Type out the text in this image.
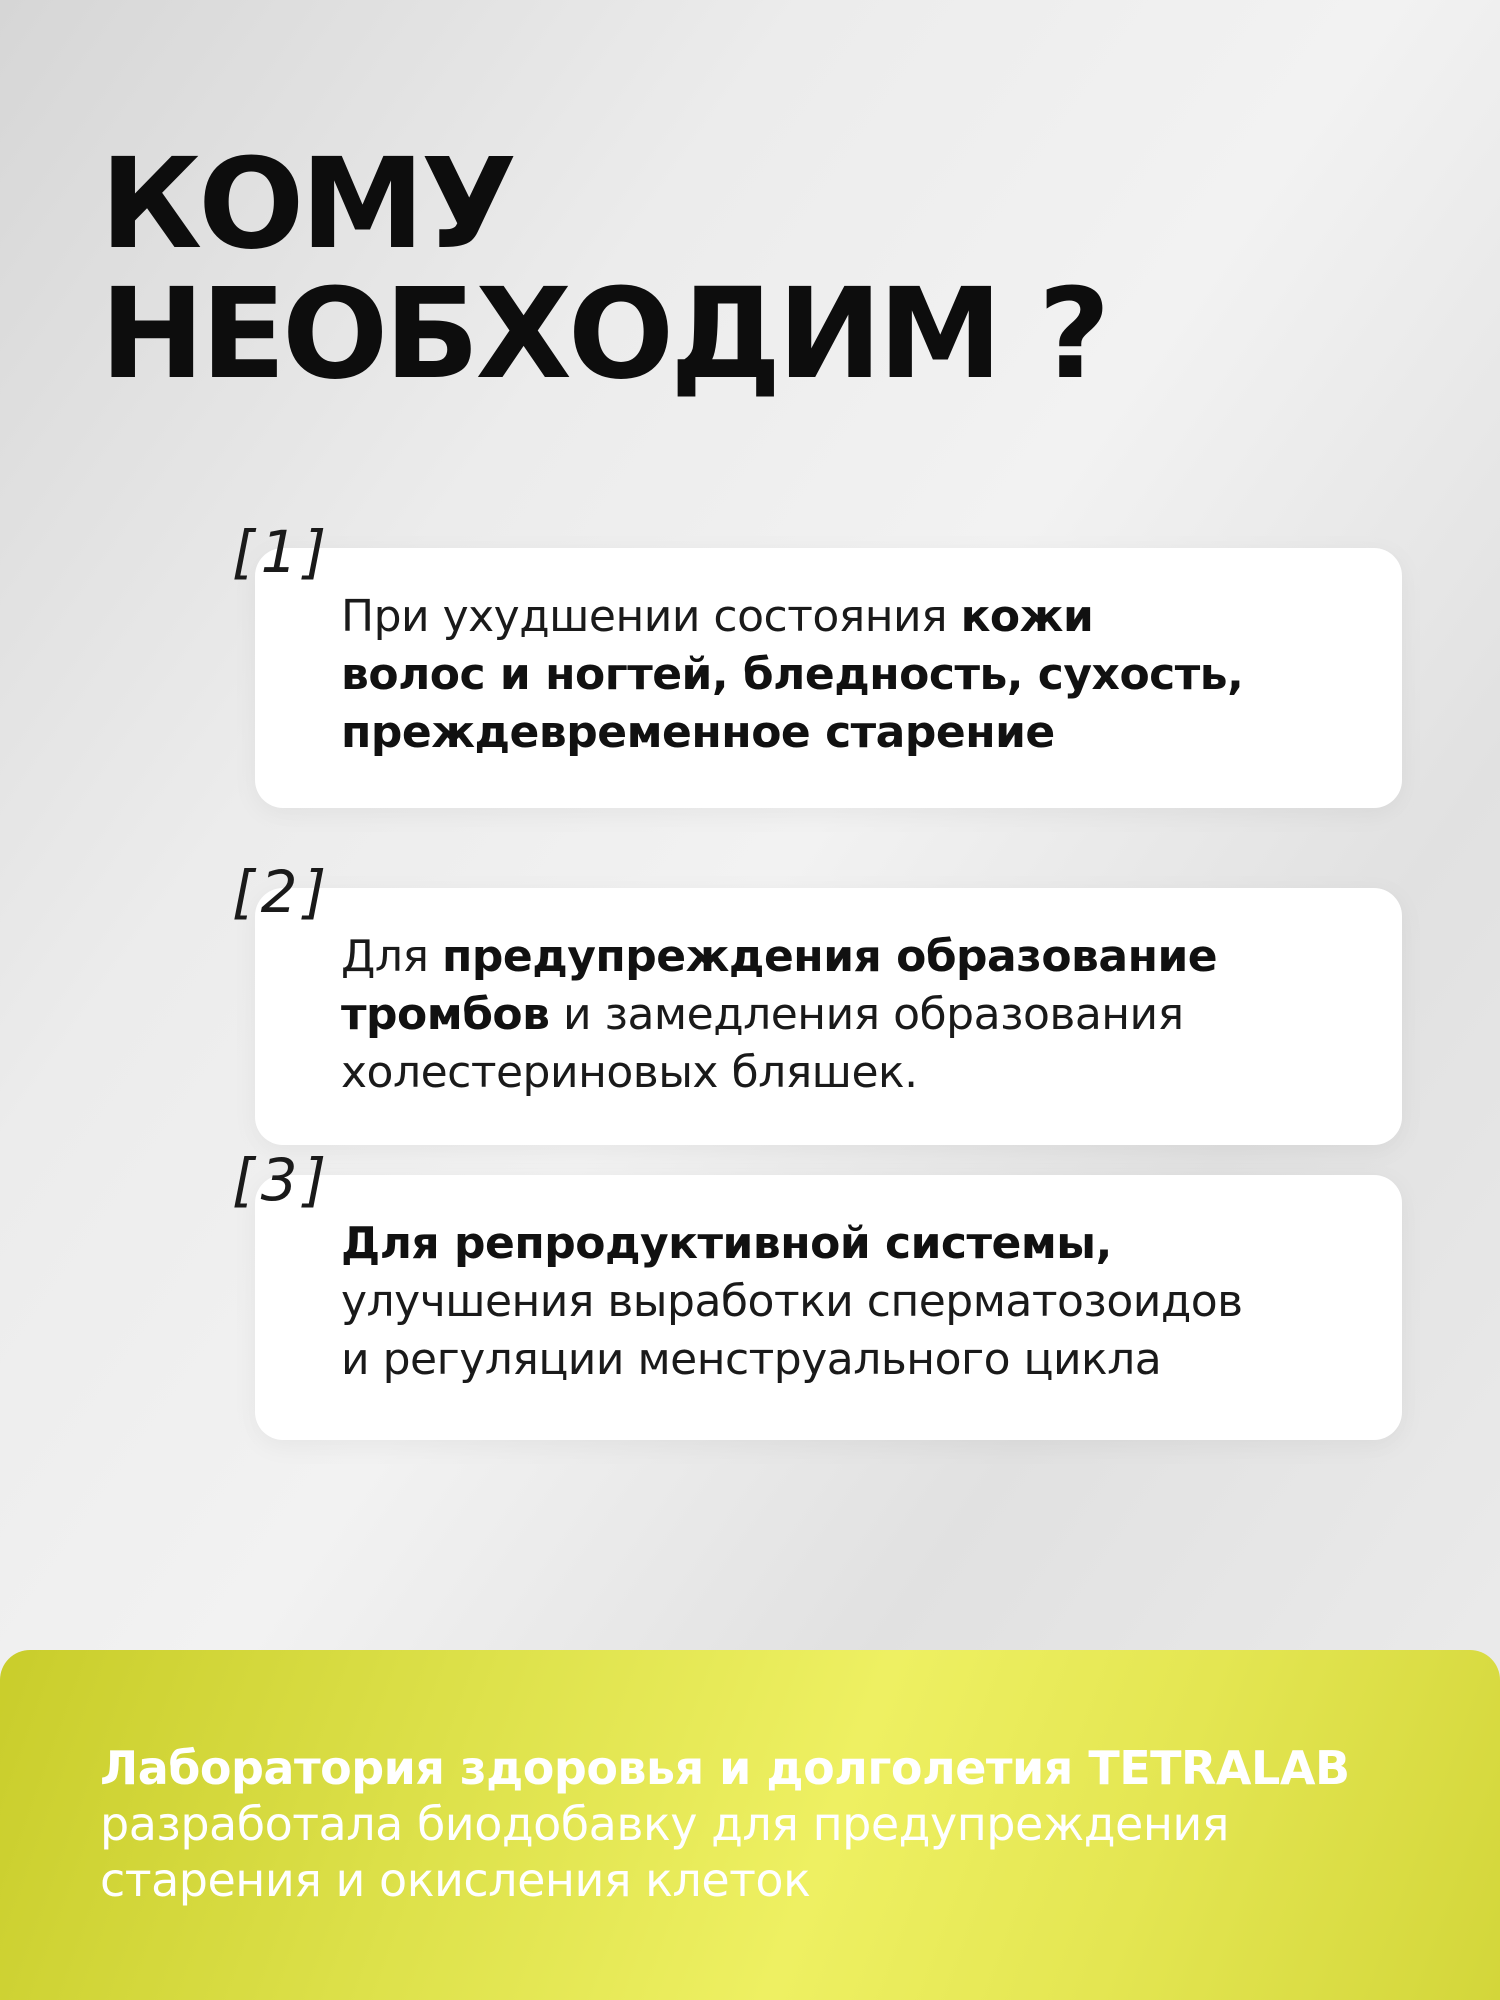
КОМУ
НЕОБХОДИМ ?

При ухудшении состояния кожи
волос и ногтей, бледность, сухость,
преждевременное старение

[1]

Для предупреждения образование
тромбов и замедления образования
холестериновых бляшек.

[2]

Для репродуктивной системы,
улучшения выработки сперматозоидов
и регуляции менструального цикла

[3]

Лаборатория здоровья и долголетия TETRALAB
разработала биодобавку для предупреждения
старения и окисления клеток
